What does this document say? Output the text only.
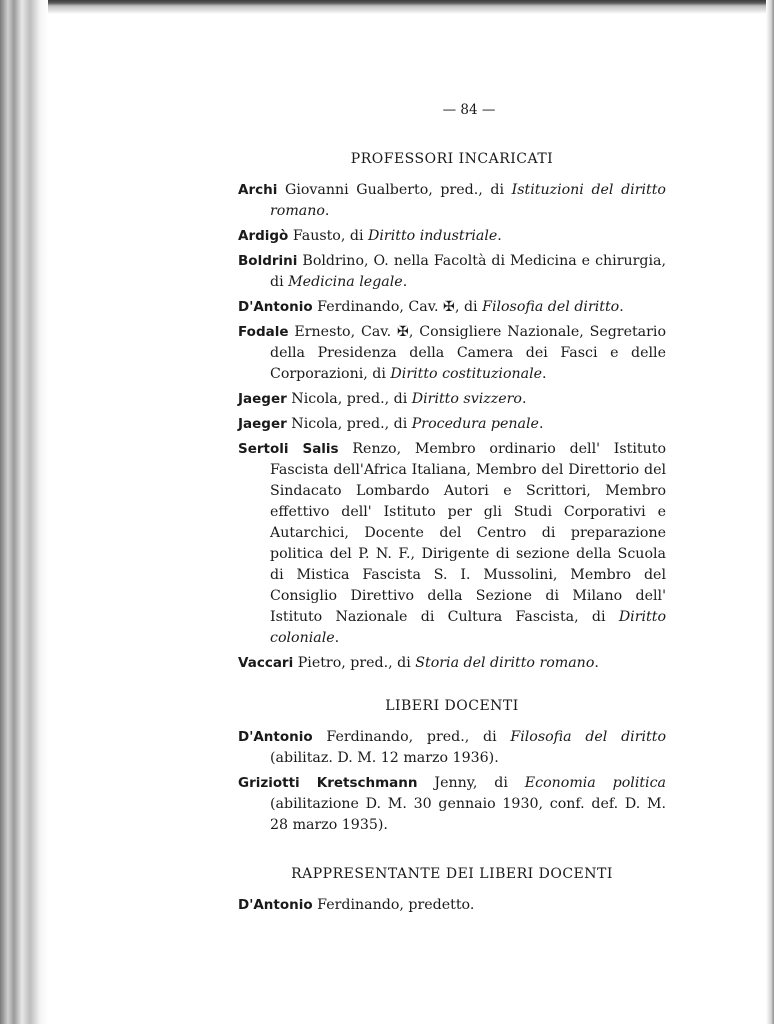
— 84 —
PROFESSORI INCARICATI

Archi Giovanni Gualberto, pred., di Istituzioni del diritto romano.

Ardigò Fausto, di Diritto industriale.

Boldrini Boldrino, O. nella Facoltà di Medicina e chirurgia, di Medicina legale.

D'Antonio Ferdinando, Cav. ✠, di Filosofia del diritto.

Fodale Ernesto, Cav. ✠, Consigliere Nazionale, Segretario della Presidenza della Camera dei Fasci e delle Corporazioni, di Diritto costituzionale.

Jaeger Nicola, pred., di Diritto svizzero.

Jaeger Nicola, pred., di Procedura penale.

Sertoli Salis Renzo, Membro ordinario dell' Istituto Fascista dell'Africa Italiana, Membro del Direttorio del Sindacato Lombardo Autori e Scrittori, Membro effettivo dell' Istituto per gli Studi Corporativi e Autarchici, Docente del Centro di preparazione politica del P. N. F., Dirigente di sezione della Scuola di Mistica Fascista S. I. Mussolini, Membro del Consiglio Direttivo della Sezione di Milano dell' Istituto Nazionale di Cultura Fascista, di Diritto coloniale.

Vaccari Pietro, pred., di Storia del diritto romano.

LIBERI DOCENTI

D'Antonio Ferdinando, pred., di Filosofia del diritto (abilitaz. D. M. 12 marzo 1936).

Griziotti Kretschmann Jenny, di Economia politica (abilitazione D. M. 30 gennaio 1930, conf. def. D. M. 28 marzo 1935).

RAPPRESENTANTE DEI LIBERI DOCENTI

D'Antonio Ferdinando, predetto.
